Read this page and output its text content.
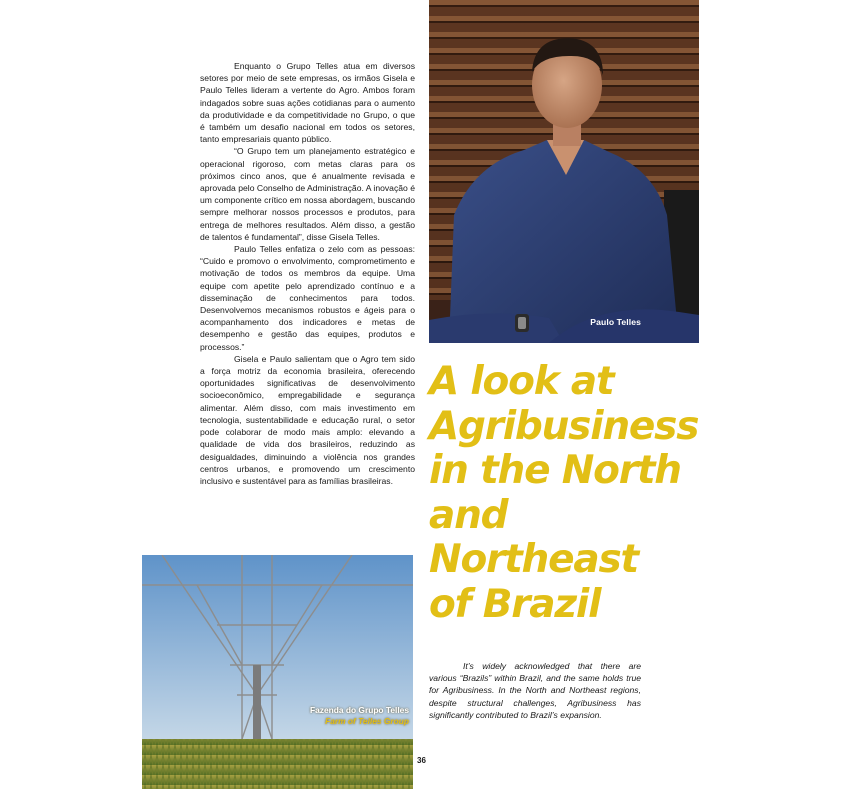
Enquanto o Grupo Telles atua em diversos setores por meio de sete empresas, os irmãos Gisela e Paulo Telles lideram a vertente do Agro. Ambos foram indagados sobre suas ações cotidianas para o aumento da produtividade e da competitividade no Grupo, o que é também um desafio nacional em todos os setores, tanto empresariais quanto público.

“O Grupo tem um planejamento estratégico e operacional rigoroso, com metas claras para os próximos cinco anos, que é anualmente revisada e aprovada pelo Conselho de Administração. A inovação é um componente crítico em nossa abordagem, buscando sempre melhorar nossos processos e produtos, para entrega de melhores resultados. Além disso, a gestão de talentos é fundamental”, disse Gisela Telles.

Paulo Telles enfatiza o zelo com as pessoas: “Cuido e promovo o envolvimento, comprometimento e motivação de todos os membros da equipe. Uma equipe com apetite pelo aprendizado contínuo e a disseminação de conhecimentos para todos. Desenvolvemos mecanismos robustos e ágeis para o acompanhamento dos indicadores e metas de desempenho e gestão das equipes, produtos e processos.”

Gisela e Paulo salientam que o Agro tem sido a força motriz da economia brasileira, oferecendo oportunidades significativas de desenvolvimento socioeconômico, empregabilidade e segurança alimentar. Além disso, com mais investimento em tecnologia, sustentabilidade e educação rural, o setor pode colaborar de modo mais amplo: elevando a qualidade de vida dos brasileiros, reduzindo as desigualdades, diminuindo a violência nos grandes centros urbanos, e promovendo um crescimento inclusivo e sustentável para as famílias brasileiras.

Paulo Telles
A look at Agribusiness in the North and Northeast of Brazil

It’s widely acknowledged that there are various “Brazils” within Brazil, and the same holds true for Agribusiness. In the North and Northeast regions, despite structural challenges, Agribusiness has significantly contributed to Brazil’s expansion.

Fazenda do Grupo Telles
Farm of Telles Group
36
